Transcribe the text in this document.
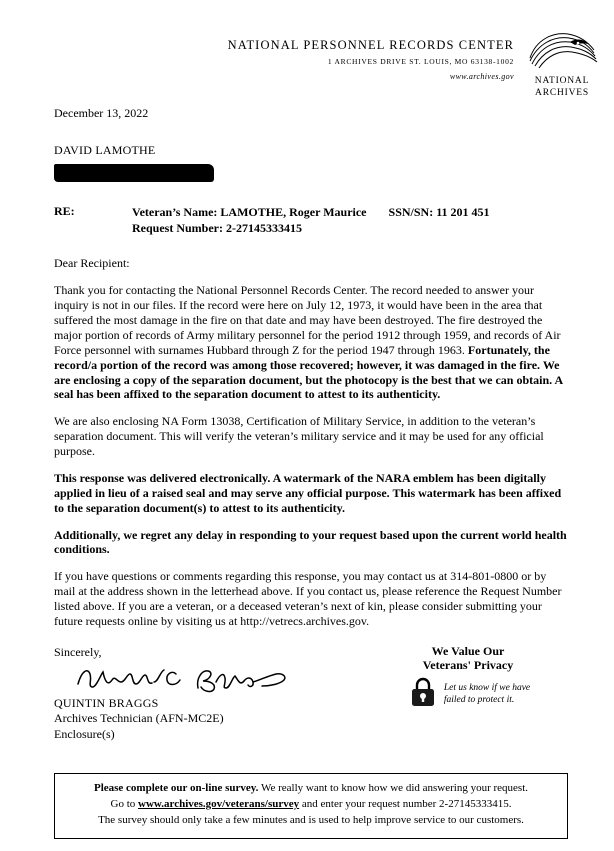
NATIONAL PERSONNEL RECORDS CENTER
1 ARCHIVES DRIVE ST. LOUIS, MO 63138-1002
www.archives.gov	NATIONAL
ARCHIVES
December 13, 2022
DAVID LAMOTHE
RE:	Veteran’s Name: LAMOTHE, Roger Maurice SSN/SN: 11 201 451
Request Number: 2-27145333415

Dear Recipient:

Thank you for contacting the National Personnel Records Center. The record needed to answer your inquiry is not in our files. If the record were here on July 12, 1973, it would have been in the area that suffered the most damage in the fire on that date and may have been destroyed. The fire destroyed the major portion of records of Army military personnel for the period 1912 through 1959, and records of Air Force personnel with surnames Hubbard through Z for the period 1947 through 1963. Fortunately, the record/a portion of the record was among those recovered; however, it was damaged in the fire. We are enclosing a copy of the separation document, but the photocopy is the best that we can obtain. A seal has been affixed to the separation document to attest to its authenticity.

We are also enclosing NA Form 13038, Certification of Military Service, in addition to the veteran’s separation document. This will verify the veteran’s military service and it may be used for any official purpose.

This response was delivered electronically. A watermark of the NARA emblem has been digitally applied in lieu of a raised seal and may serve any official purpose. This watermark has been affixed to the separation document(s) to attest to its authenticity.

Additionally, we regret any delay in responding to your request based upon the current world health conditions.

If you have questions or comments regarding this response, you may contact us at 314-801-0800 or by mail at the address shown in the letterhead above. If you contact us, please reference the Request Number listed above. If you are a veteran, or a deceased veteran’s next of kin, please consider submitting your future requests online by visiting us at http://vetrecs.archives.gov.

We Value Our
Veterans' Privacy
Let us know if we have
failed to protect it.
Sincerely,
QUINTIN BRAGGS
Archives Technician (AFN-MC2E)
Enclosure(s)
Please complete our on-line survey. We really want to know how we did answering your request.
Go to www.archives.gov/veterans/survey and enter your request number 2-27145333415.
The survey should only take a few minutes and is used to help improve service to our customers.
